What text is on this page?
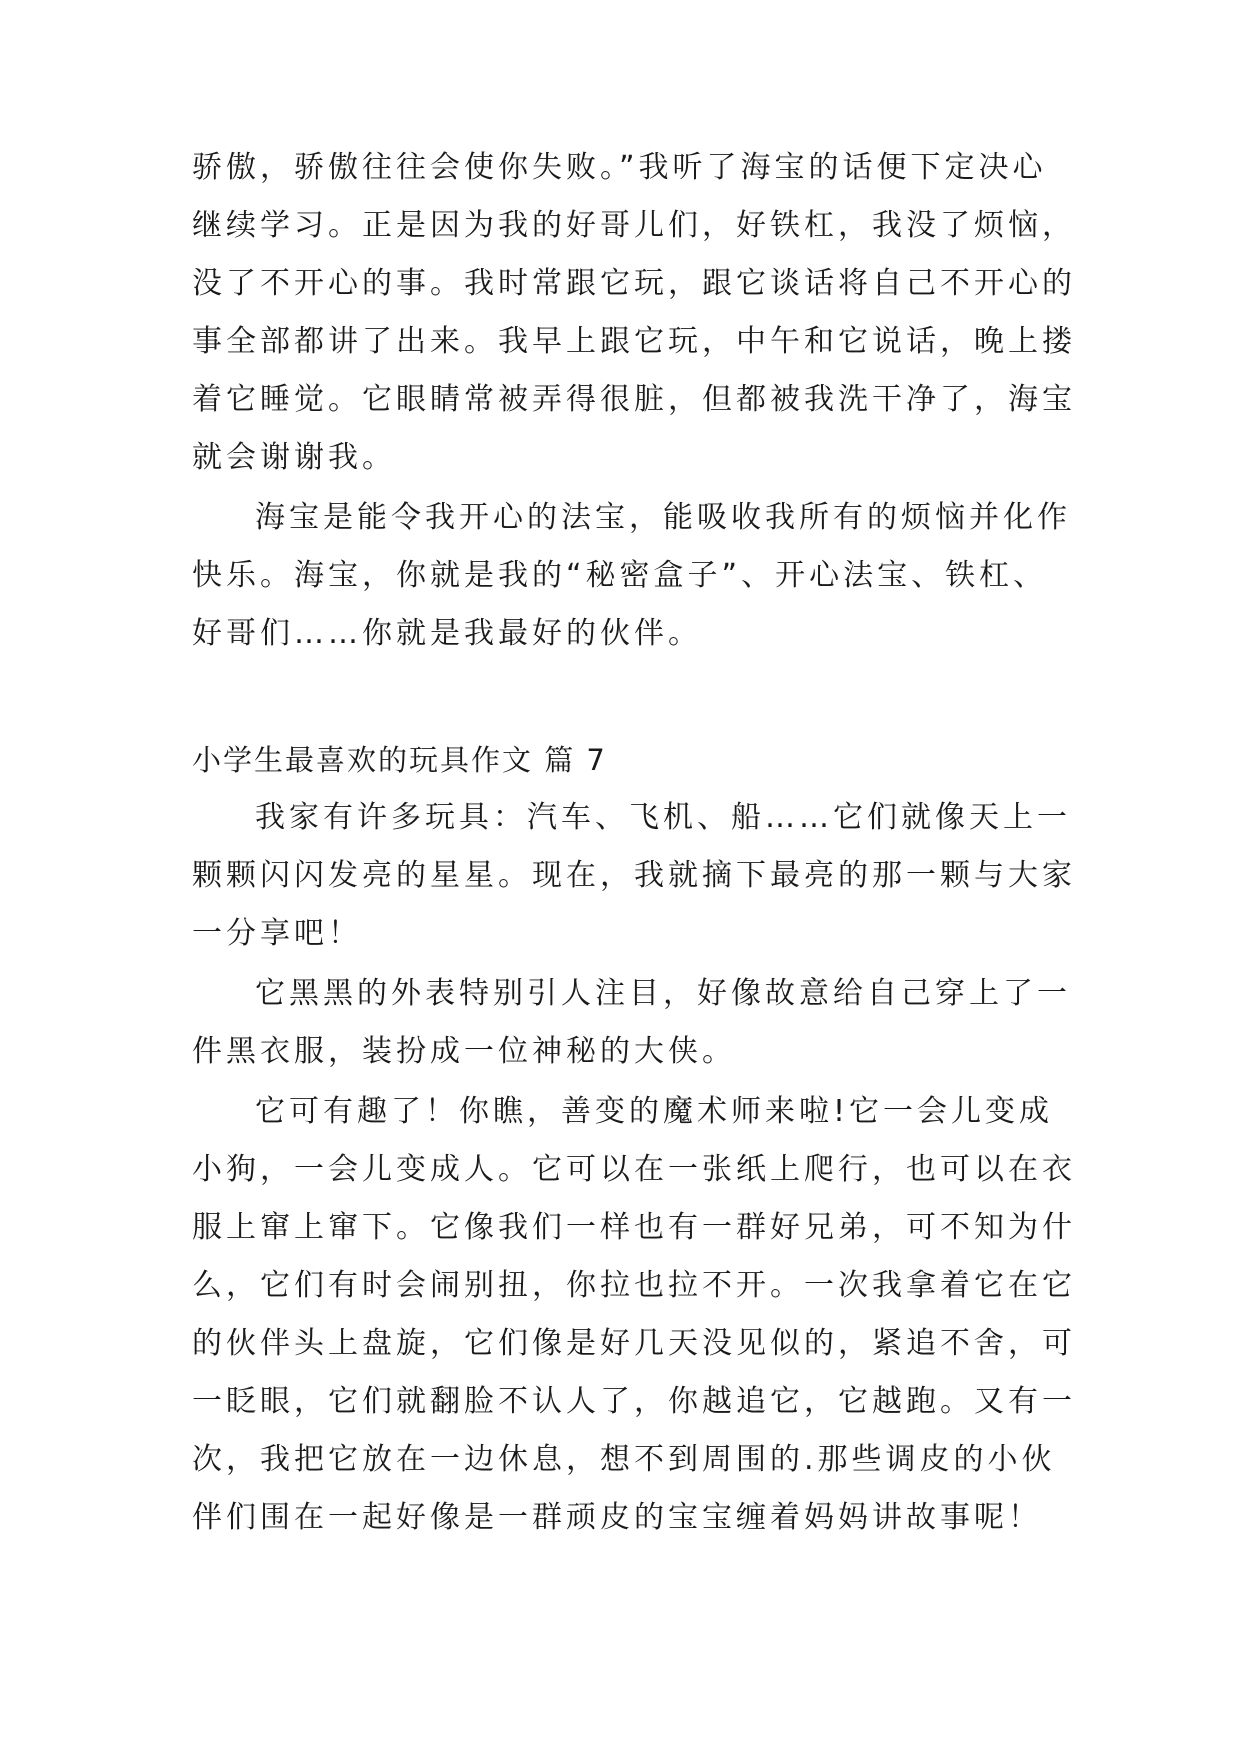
骄傲，骄傲往往会使你失败。”我听了海宝的话便下定决心

继续学习。正是因为我的好哥儿们，好铁杠，我没了烦恼，

没了不开心的事。我时常跟它玩，跟它谈话将自己不开心的

事全部都讲了出来。我早上跟它玩，中午和它说话，晚上搂

着它睡觉。它眼睛常被弄得很脏，但都被我洗干净了，海宝

就会谢谢我。

海宝是能令我开心的法宝，能吸收我所有的烦恼并化作

快乐。海宝，你就是我的“秘密盒子”、开心法宝、铁杠、

好哥们……你就是我最好的伙伴。

小学生最喜欢的玩具作文 篇 7

我家有许多玩具：汽车、飞机、船……它们就像天上一

颗颗闪闪发亮的星星。现在，我就摘下最亮的那一颗与大家

一分享吧！

它黑黑的外表特别引人注目，好像故意给自己穿上了一

件黑衣服，装扮成一位神秘的大侠。

它可有趣了！你瞧，善变的魔术师来啦!它一会儿变成

小狗，一会儿变成人。它可以在一张纸上爬行，也可以在衣

服上窜上窜下。它像我们一样也有一群好兄弟，可不知为什

么，它们有时会闹别扭，你拉也拉不开。一次我拿着它在它

的伙伴头上盘旋，它们像是好几天没见似的，紧追不舍，可

一眨眼，它们就翻脸不认人了，你越追它，它越跑。又有一

次，我把它放在一边休息，想不到周围的.那些调皮的小伙

伴们围在一起好像是一群顽皮的宝宝缠着妈妈讲故事呢！
